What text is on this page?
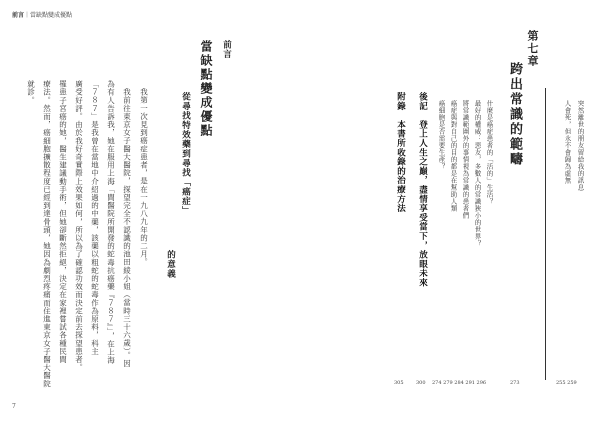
前言｜當缺點變成優點
前言
當缺點變成優點
從尋找特效藥到尋找「癌症」
的意義
我第一次見到癌症患者，是在一九八九年的二月。
我前往東京女子醫大醫院，探望完全不認識的池田綾小姐（當時三十六歲）。因
為有人告訴我，她在服用上海「間醫院所開發的蛇毒抗癌藥『７８７』」，在上海
「７８７」是我曾在當地中介紹過的中藥，該藥以粗蛇的蛇毒作為原料，科主
廣受好評。由於我好奇實際上效果如何，所以為了確認功效而決定前去探望患者。
罹患子宮癌的她，醫生建議動手術，但她卻斷然拒絕，決定在家裡嘗試各種民間
療法。然而，癌細胞擴散程度已經到達骨頭，她因為劇烈疼痛而住進東京女子醫大醫院
就診。
7
突然離世的朋友留給我的訊息
人會死，但永不會歸為虛無
255 259
第七章
跨出常識的範疇
273
什麼是癌症患者的「活的」生活？
最好的權威：惡友，多數人的常識狹小的世界？
將常識範圍外的事情視為常識的患者們
癌症與對自己的目的都是在幫助人類
癌細胞是否需要生產？
274 279 284 291 296
後記　登上人生之巔，盡情享受當下，放眼未來
300
附錄　本書所收錄的治療方法
305
